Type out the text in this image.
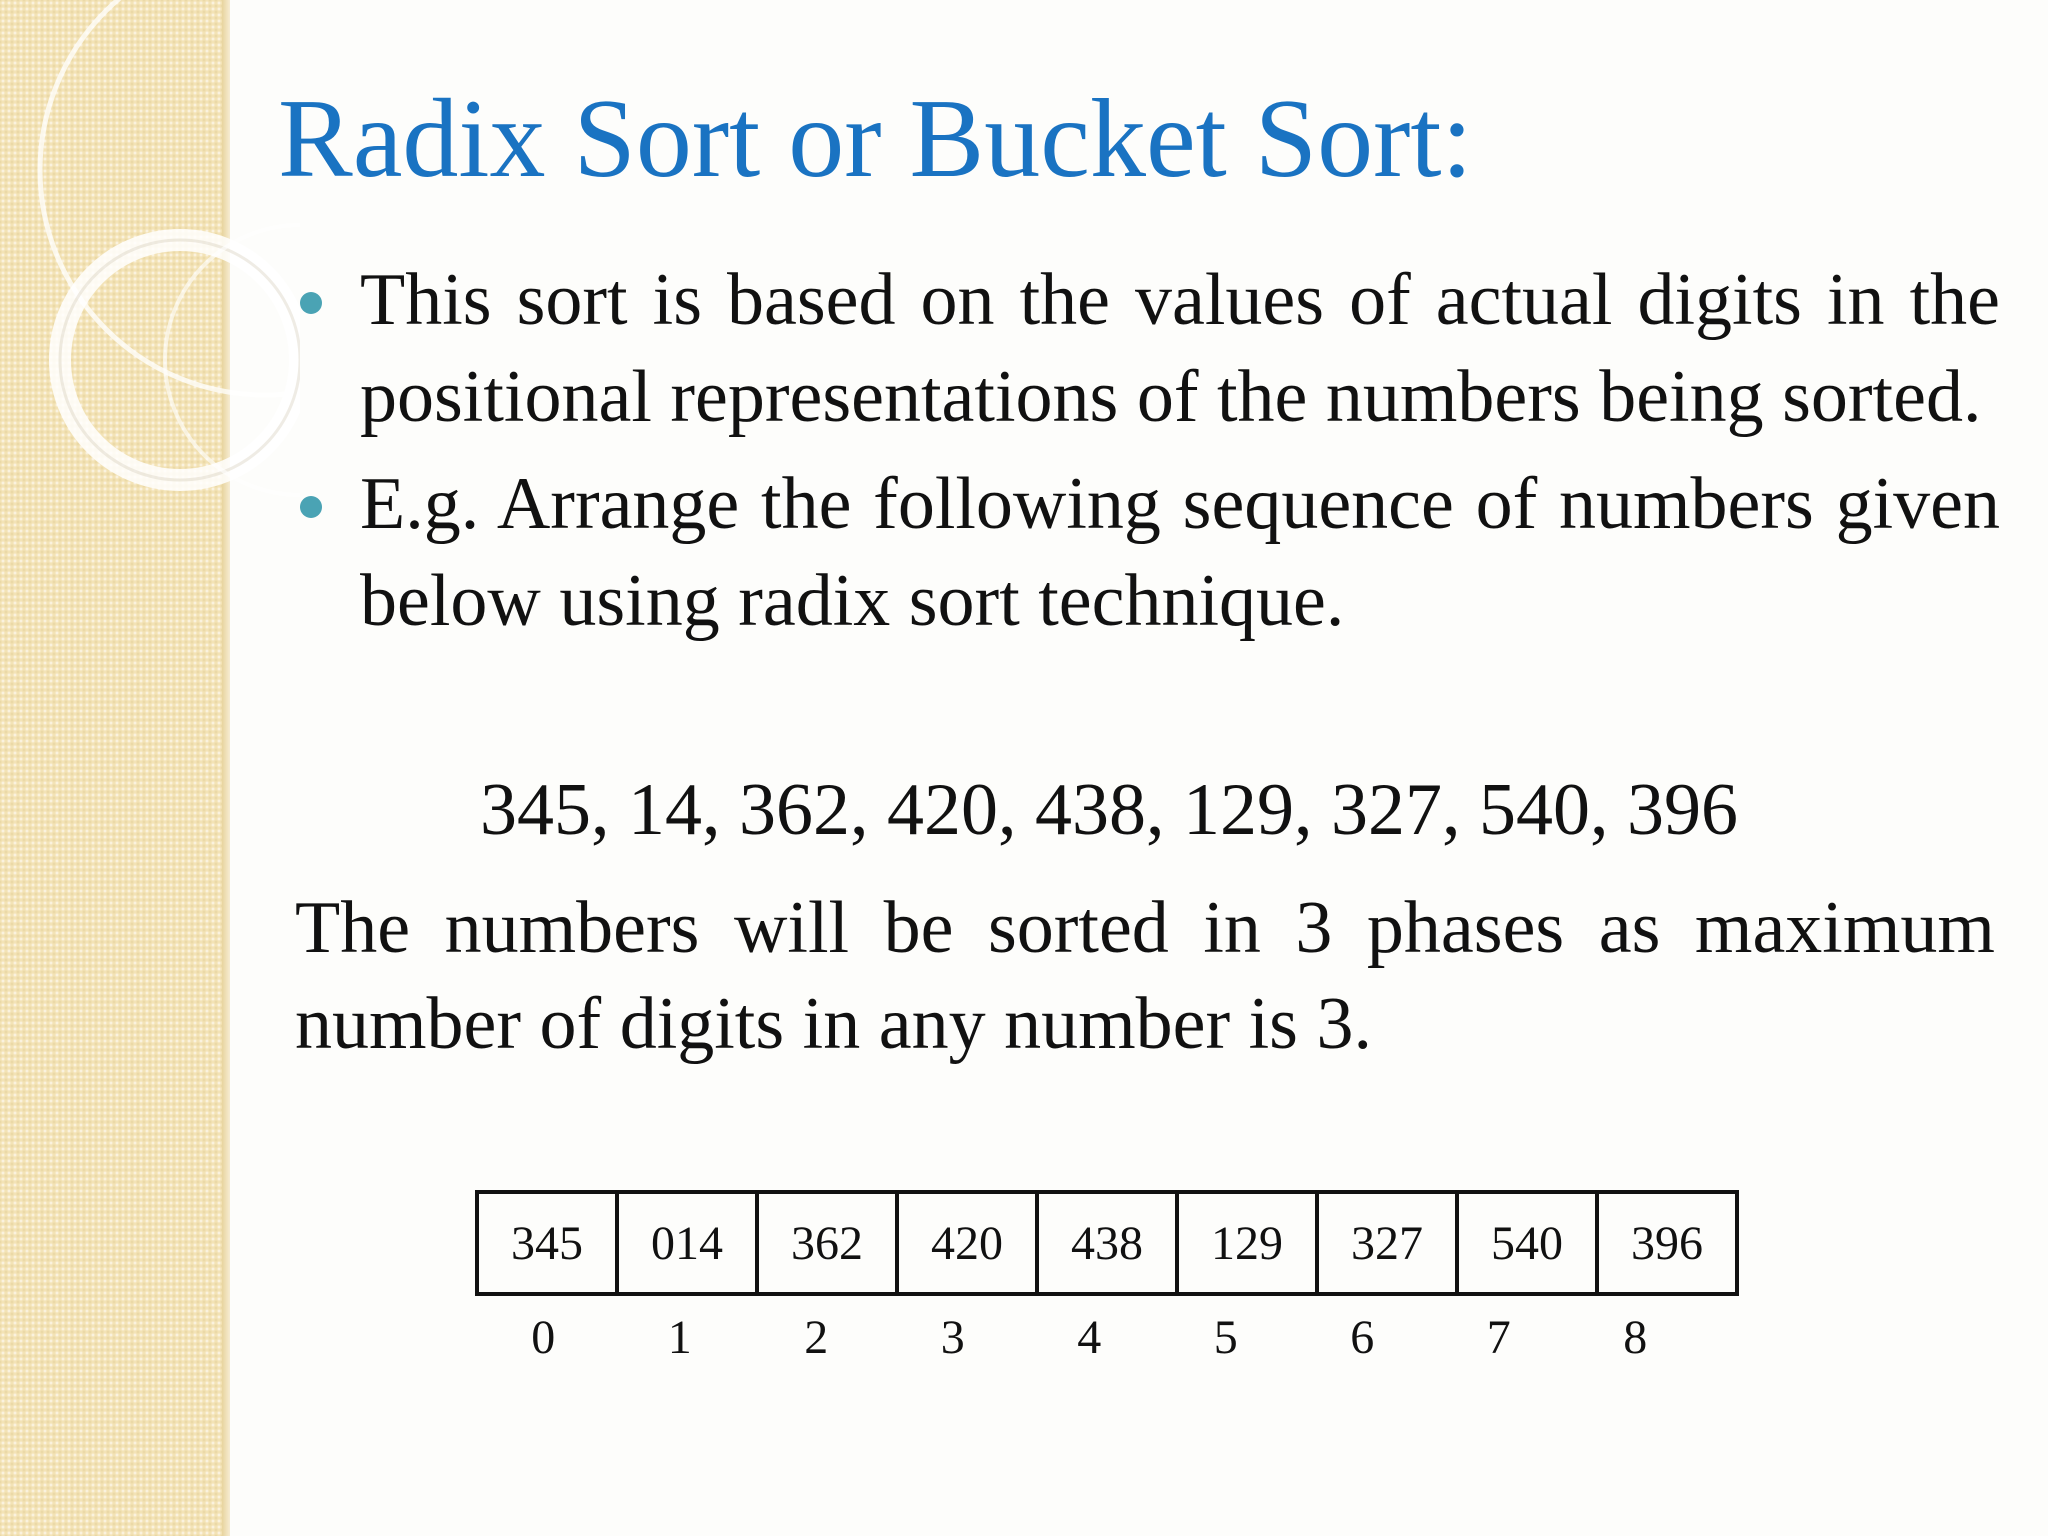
Radix Sort or Bucket Sort:
This sort is based on the values of actual digits in the positional representations of the numbers being sorted.
E.g. Arrange the following sequence of numbers given below using radix sort technique.
345, 14, 362, 420, 438, 129, 327, 540, 396
The numbers will be sorted in 3 phases as maximum number of digits in any number is 3.
345	014	362	420	438	129	327	540	396
0	1	2	3	4	5	6	7	8
